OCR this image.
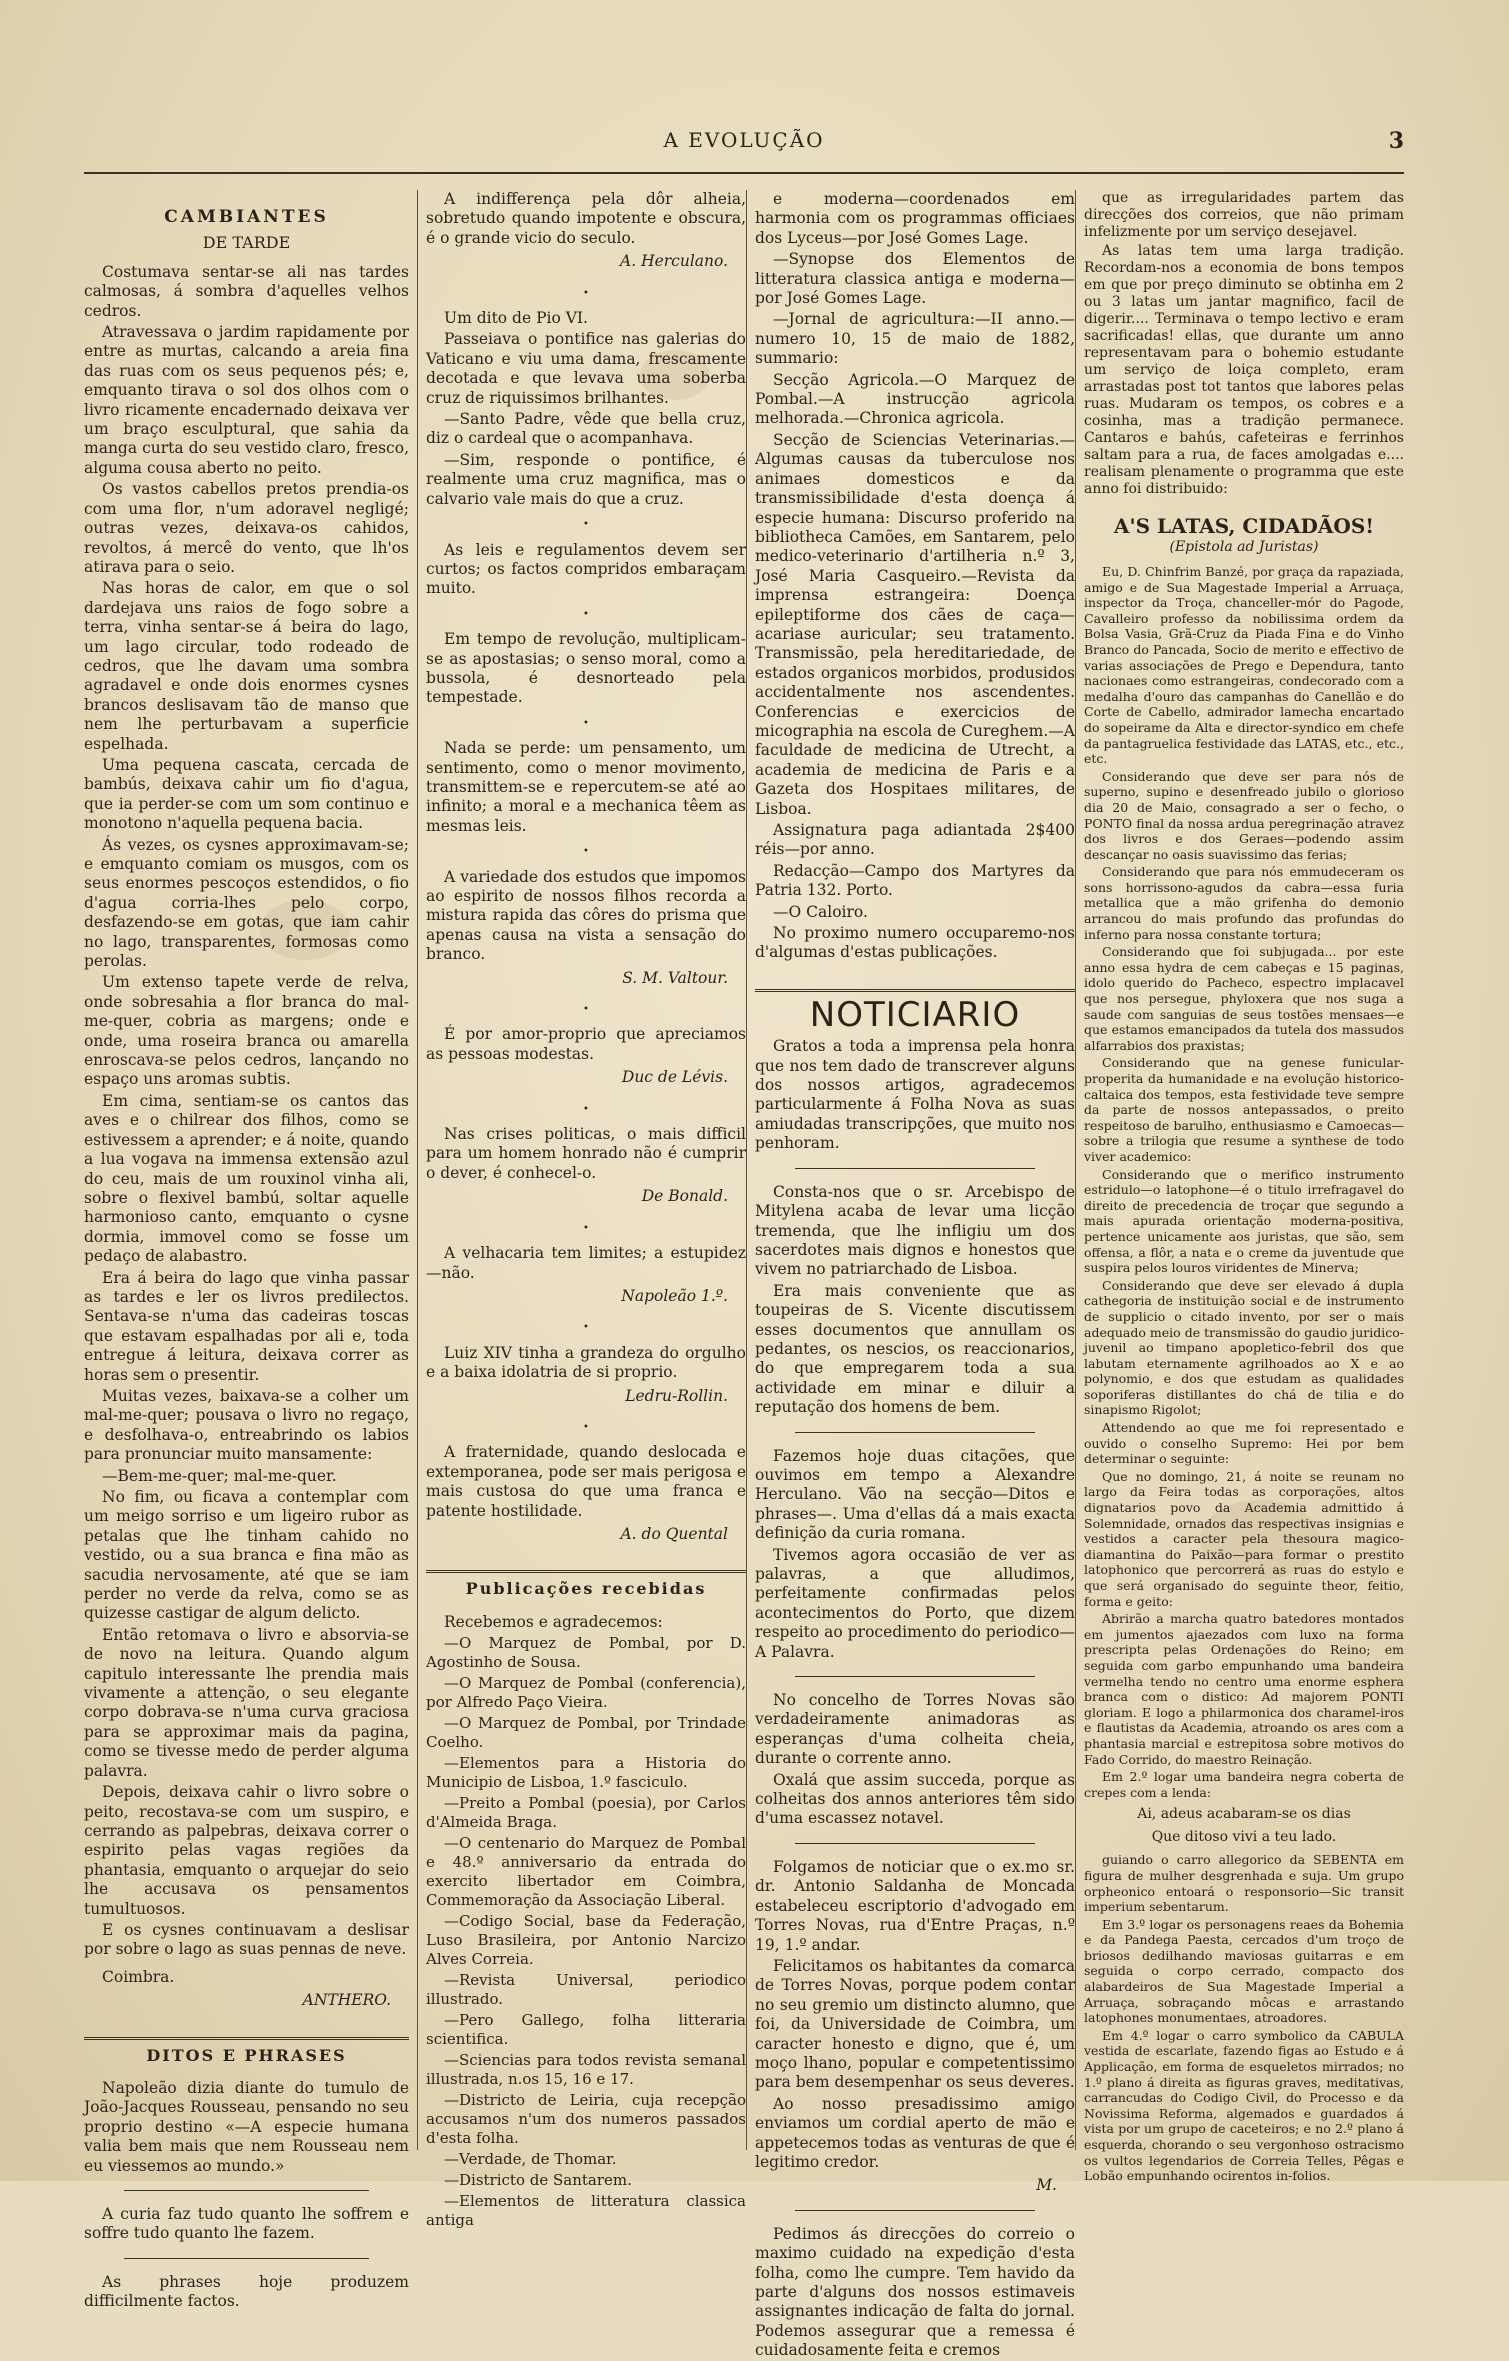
A EVOLUÇÃO	3
CAMBIANTES
DE TARDE

Costumava sentar-se ali nas tardes calmosas, á sombra d'aquelles velhos cedros.

Atravessava o jardim rapidamente por entre as murtas, calcando a areia fina das ruas com os seus pequenos pés; e, emquanto tirava o sol dos olhos com o livro ricamente encadernado deixava ver um braço esculptural, que sahia da manga curta do seu vestido claro, fresco, alguma cousa aberto no peito.

Os vastos cabellos pretos prendia-os com uma flor, n'um adoravel negligé; outras vezes, deixava-os cahidos, revoltos, á mercê do vento, que lh'os atirava para o seio.

Nas horas de calor, em que o sol dardejava uns raios de fogo sobre a terra, vinha sentar-se á beira do lago, um lago circular, todo rodeado de cedros, que lhe davam uma sombra agradavel e onde dois enormes cysnes brancos deslisavam tão de manso que nem lhe perturbavam a superficie espelhada.

Uma pequena cascata, cercada de bambús, deixava cahir um fio d'agua, que ia perder-se com um som continuo e monotono n'aquella pequena bacia.

Ás vezes, os cysnes approximavam-se; e emquanto comiam os musgos, com os seus enormes pescoços estendidos, o fio d'agua corria-lhes pelo corpo, desfazendo-se em gotas, que iam cahir no lago, transparentes, formosas como perolas.

Um extenso tapete verde de relva, onde sobresahia a flor branca do mal-me-quer, cobria as margens; onde e onde, uma roseira branca ou amarella enroscava-se pelos cedros, lançando no espaço uns aromas subtis.

Em cima, sentiam-se os cantos das aves e o chilrear dos filhos, como se estivessem a aprender; e á noite, quando a lua vogava na immensa extensão azul do ceu, mais de um rouxinol vinha ali, sobre o flexivel bambú, soltar aquelle harmonioso canto, emquanto o cysne dormia, immovel como se fosse um pedaço de alabastro.

Era á beira do lago que vinha passar as tardes e ler os livros predilectos. Sentava-se n'uma das cadeiras toscas que estavam espalhadas por ali e, toda entregue á leitura, deixava correr as horas sem o presentir.

Muitas vezes, baixava-se a colher um mal-me-quer; pousava o livro no regaço, e desfolhava-o, entreabrindo os labios para pronunciar muito mansamente:

—Bem-me-quer; mal-me-quer.

No fim, ou ficava a contemplar com um meigo sorriso e um ligeiro rubor as petalas que lhe tinham cahido no vestido, ou a sua branca e fina mão as sacudia nervosamente, até que se iam perder no verde da relva, como se as quizesse castigar de algum delicto.

Então retomava o livro e absorvia-se de novo na leitura. Quando algum capitulo interessante lhe prendia mais vivamente a attenção, o seu elegante corpo dobrava-se n'uma curva graciosa para se approximar mais da pagina, como se tivesse medo de perder alguma palavra.

Depois, deixava cahir o livro sobre o peito, recostava-se com um suspiro, e cerrando as palpebras, deixava correr o espirito pelas vagas regiões da phantasia, emquanto o arquejar do seio lhe accusava os pensamentos tumultuosos.

E os cysnes continuavam a deslisar por sobre o lago as suas pennas de neve.

Coimbra.
ANTHERO.
DITOS E PHRASES

Napoleão dizia diante do tumulo de João-Jacques Rousseau, pensando no seu proprio destino «—A especie humana valia bem mais que nem Rousseau nem eu viessemos ao mundo.»

A curia faz tudo quanto lhe soffrem e soffre tudo quanto lhe fazem.

As phrases hoje produzem difficilmente factos.

A indifferença pela dôr alheia, sobretudo quando impotente e obscura, é o grande vicio do seculo.

A. Herculano.
•

Um dito de Pio VI.

Passeiava o pontifice nas galerias do Vaticano e viu uma dama, frescamente decotada e que levava uma soberba cruz de riquissimos brilhantes.

—Santo Padre, vêde que bella cruz, diz o cardeal que o acompanhava.

—Sim, responde o pontifice, é realmente uma cruz magnifica, mas o calvario vale mais do que a cruz.

•

As leis e regulamentos devem ser curtos; os factos compridos embaraçam muito.

•

Em tempo de revolução, multiplicam-se as apostasias; o senso moral, como a bussola, é desnorteado pela tempestade.

•

Nada se perde: um pensamento, um sentimento, como o menor movimento, transmittem-se e repercutem-se até ao infinito; a moral e a mechanica têem as mesmas leis.

•

A variedade dos estudos que impomos ao espirito de nossos filhos recorda a mistura rapida das côres do prisma que apenas causa na vista a sensação do branco.

S. M. Valtour.
•

É por amor-proprio que apreciamos as pessoas modestas.

Duc de Lévis.
•

Nas crises politicas, o mais difficil para um homem honrado não é cumprir o dever, é conhecel-o.

De Bonald.
•

A velhacaria tem limites; a estupidez—não.

Napoleão 1.º.
•

Luiz XIV tinha a grandeza do orgulho e a baixa idolatria de si proprio.

Ledru-Rollin.
•

A fraternidade, quando deslocada e extemporanea, pode ser mais perigosa e mais custosa do que uma franca e patente hostilidade.

A. do Quental
Publicações recebidas

Recebemos e agradecemos:

—O Marquez de Pombal, por D. Agostinho de Sousa.

—O Marquez de Pombal (conferencia), por Alfredo Paço Vieira.

—O Marquez de Pombal, por Trindade Coelho.

—Elementos para a Historia do Municipio de Lisboa, 1.º fasciculo.

—Preito a Pombal (poesia), por Carlos d'Almeida Braga.

—O centenario do Marquez de Pombal e 48.º anniversario da entrada do exercito libertador em Coimbra, Commemoração da Associação Liberal.

—Codigo Social, base da Federação, Luso Brasileira, por Antonio Narcizo Alves Correia.

—Revista Universal, periodico illustrado.

—Pero Gallego, folha litteraria scientifica.

—Sciencias para todos revista semanal illustrada, n.os 15, 16 e 17.

—Districto de Leiria, cuja recepção accusamos n'um dos numeros passados d'esta folha.

—Verdade, de Thomar.

—Districto de Santarem.

—Elementos de litteratura classica antiga

e moderna—coordenados em harmonia com os programmas officiaes dos Lyceus—por José Gomes Lage.

—Synopse dos Elementos de litteratura classica antiga e moderna—por José Gomes Lage.

—Jornal de agricultura:—II anno.—numero 10, 15 de maio de 1882, summario:

Secção Agricola.—O Marquez de Pombal.—A instrucção agricola melhorada.—Chronica agricola.

Secção de Sciencias Veterinarias.—Algumas causas da tuberculose nos animaes domesticos e da transmissibilidade d'esta doença á especie humana: Discurso proferido na bibliotheca Camões, em Santarem, pelo medico-veterinario d'artilheria n.º 3, José Maria Casqueiro.—Revista da imprensa estrangeira: Doença epileptiforme dos cães de caça—acariase auricular; seu tratamento. Transmissão, pela hereditariedade, de estados organicos morbidos, produsidos accidentalmente nos ascendentes. Conferencias e exercicios de micographia na escola de Cureghem.—A faculdade de medicina de Utrecht, a academia de medicina de Paris e a Gazeta dos Hospitaes militares, de Lisboa.

Assignatura paga adiantada 2$400 réis—por anno.

Redacção—Campo dos Martyres da Patria 132. Porto.

—O Caloiro.

No proximo numero occuparemo-nos d'algumas d'estas publicações.

NOTICIARIO

Gratos a toda a imprensa pela honra que nos tem dado de transcrever alguns dos nossos artigos, agradecemos particularmente á Folha Nova as suas amiudadas transcripções, que muito nos penhoram.

Consta-nos que o sr. Arcebispo de Mitylena acaba de levar uma licção tremenda, que lhe infligiu um dos sacerdotes mais dignos e honestos que vivem no patriarchado de Lisboa.

Era mais conveniente que as toupeiras de S. Vicente discutissem esses documentos que annullam os pedantes, os nescios, os reaccionarios, do que empregarem toda a sua actividade em minar e diluir a reputação dos homens de bem.

Fazemos hoje duas citações, que ouvimos em tempo a Alexandre Herculano. Vão na secção—Ditos e phrases—. Uma d'ellas dá a mais exacta definição da curia romana.

Tivemos agora occasião de ver as palavras, a que alludimos, perfeitamente confirmadas pelos acontecimentos do Porto, que dizem respeito ao procedimento do periodico—A Palavra.

No concelho de Torres Novas são verdadeiramente animadoras as esperanças d'uma colheita cheia, durante o corrente anno.

Oxalá que assim succeda, porque as colheitas dos annos anteriores têm sido d'uma escassez notavel.

Folgamos de noticiar que o ex.mo sr. dr. Antonio Saldanha de Moncada estabeleceu escriptorio d'advogado em Torres Novas, rua d'Entre Praças, n.º 19, 1.º andar.

Felicitamos os habitantes da comarca de Torres Novas, porque podem contar no seu gremio um distincto alumno, que foi, da Universidade de Coimbra, um caracter honesto e digno, que é, um moço lhano, popular e competentissimo para bem desempenhar os seus deveres.

Ao nosso presadissimo amigo enviamos um cordial aperto de mão e appetecemos todas as venturas de que é legitimo credor.

M.

Pedimos ás direcções do correio o maximo cuidado na expedição d'esta folha, como lhe cumpre. Tem havido da parte d'alguns dos nossos estimaveis assignantes indicação de falta do jornal. Podemos assegurar que a remessa é cuidadosamente feita e cremos

que as irregularidades partem das direcções dos correios, que não primam infelizmente por um serviço desejavel.

As latas tem uma larga tradição. Recordam-nos a economia de bons tempos em que por preço diminuto se obtinha em 2 ou 3 latas um jantar magnifico, facil de digerir.... Terminava o tempo lectivo e eram sacrificadas! ellas, que durante um anno representavam para o bohemio estudante um serviço de loiça completo, eram arrastadas post tot tantos que labores pelas ruas. Mudaram os tempos, os cobres e a cosinha, mas a tradição permanece. Cantaros e bahús, cafeteiras e ferrinhos saltam para a rua, de faces amolgadas e.... realisam plenamente o programma que este anno foi distribuido:

A'S LATAS, CIDADÃOS!
(Epistola ad Juristas)

Eu, D. Chinfrim Banzé, por graça da rapaziada, amigo e de Sua Magestade Imperial a Arruaça, inspector da Troça, chanceller-mór do Pagode, Cavalleiro professo da nobilissima ordem da Bolsa Vasia, Grã-Cruz da Piada Fina e do Vinho Branco do Pancada, Socio de merito e effectivo de varias associações de Prego e Dependura, tanto nacionaes como estrangeiras, condecorado com a medalha d'ouro das campanhas do Canellão e do Corte de Cabello, admirador lamecha encartado do sopeirame da Alta e director-syndico em chefe da pantagruelica festividade das LATAS, etc., etc., etc.

Considerando que deve ser para nós de superno, supino e desenfreado jubilo o glorioso dia 20 de Maio, consagrado a ser o fecho, o PONTO final da nossa ardua peregrinação atravez dos livros e dos Geraes—podendo assim descançar no oasis suavissimo das ferias;

Considerando que para nós emmudeceram os sons horrissono-agudos da cabra—essa furia metallica que a mão grifenha do demonio arrancou do mais profundo das profundas do inferno para nossa constante tortura;

Considerando que foi subjugada... por este anno essa hydra de cem cabeças e 15 paginas, idolo querido do Pacheco, espectro implacavel que nos persegue, phyloxera que nos suga a saude com sanguias de seus tostões mensaes—e que estamos emancipados da tutela dos massudos alfarrabios dos praxistas;

Considerando que na genese funicular-properita da humanidade e na evolução historico-caltaica dos tempos, esta festividade teve sempre da parte de nossos antepassados, o preito respeitoso de barulho, enthusiasmo e Camoecas—sobre a trilogia que resume a synthese de todo viver academico:

Considerando que o merifico instrumento estridulo—o latophone—é o titulo irrefragavel do direito de precedencia de troçar que segundo a mais apurada orientação moderna-positiva, pertence unicamente aos juristas, que são, sem offensa, a flôr, a nata e o creme da juventude que suspira pelos louros viridentes de Minerva;

Considerando que deve ser elevado á dupla cathegoria de instituição social e de instrumento de supplicio o citado invento, por ser o mais adequado meio de transmissão do gaudio juridico-juvenil ao timpano apopletico-febril dos que labutam eternamente agrilhoados ao X e ao polynomio, e dos que estudam as qualidades soporiferas distillantes do chá de tilia e do sinapismo Rigolot;

Attendendo ao que me foi representado e ouvido o conselho Supremo: Hei por bem determinar o seguinte:

Que no domingo, 21, á noite se reunam no largo da Feira todas as corporações, altos dignatarios povo da Academia admittido á Solemnidade, ornados das respectivas insignias e vestidos a caracter pela thesoura magico-diamantina do Paixão—para formar o prestito latophonico que percorrerá as ruas do estylo e que será organisado do seguinte theor, feitio, forma e geito:

Abrirão a marcha quatro batedores montados em jumentos ajaezados com luxo na forma prescripta pelas Ordenações do Reino; em seguida com garbo empunhando uma bandeira vermelha tendo no centro uma enorme esphera branca com o distico: Ad majorem PONTI gloriam. E logo a philarmonica dos charamel-iros e flautistas da Academia, atroando os ares com a phantasia marcial e estrepitosa sobre motivos do Fado Corrido, do maestro Reinação.

Em 2.º logar uma bandeira negra coberta de crepes com a lenda:

Ai, adeus acabaram-se os dias
Que ditoso vivi a teu lado.

guiando o carro allegorico da SEBENTA em figura de mulher desgrenhada e suja. Um grupo orpheonico entoará o responsorio—Sic transit imperium sebentarum.

Em 3.º logar os personagens reaes da Bohemia e da Pandega Paesta, cercados d'um troço de briosos dedilhando maviosas guitarras e em seguida o corpo cerrado, compacto dos alabardeiros de Sua Magestade Imperial a Arruaça, sobraçando môcas e arrastando latophones monumentaes, atroadores.

Em 4.º logar o carro symbolico da CABULA vestida de escarlate, fazendo figas ao Estudo e á Applicação, em forma de esqueletos mirrados; no 1.º plano á direita as figuras graves, meditativas, carrancudas do Codigo Civil, do Processo e da Novissima Reforma, algemados e guardados á vista por um grupo de caceteiros; e no 2.º plano á esquerda, chorando o seu vergonhoso ostracismo os vultos legendarios de Correia Telles, Pêgas e Lobão empunhando ocirentos in-folios.
